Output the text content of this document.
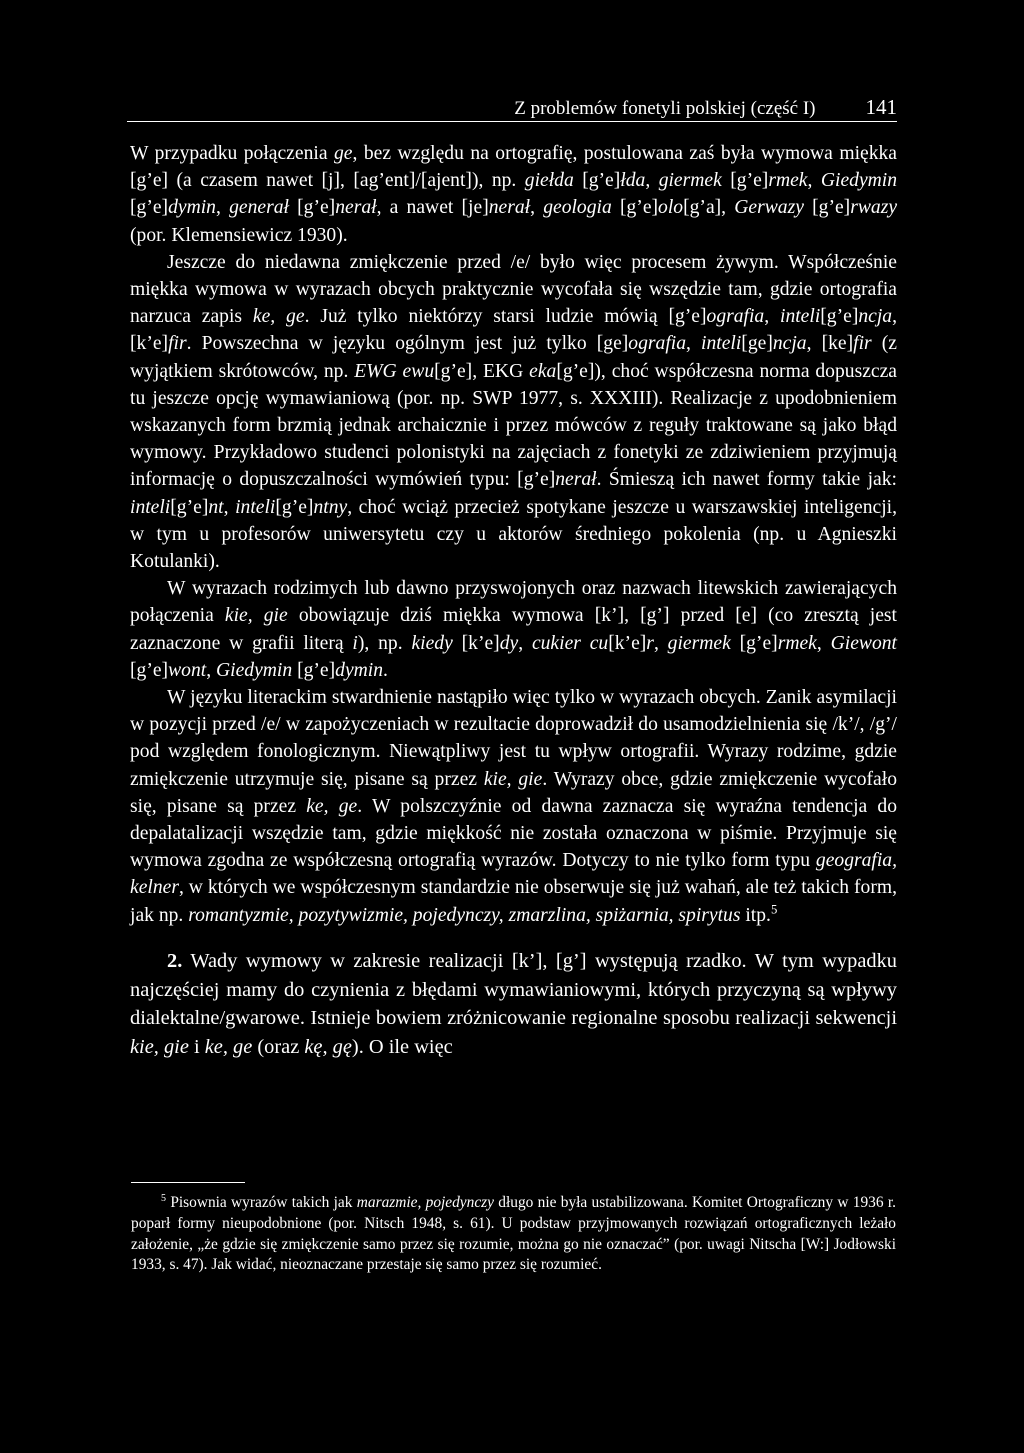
Z problemów fonetyli polskiej (część I)	141

W przypadku połączenia ge, bez względu na ortografię, postulowana zaś była wymowa miękka [g’e] (a czasem nawet [j], [ag’ent]/[ajent]), np. giełda [g’e]łda, giermek [g’e]rmek, Giedymin [g’e]dymin, generał [g’e]nerał, a nawet [je]nerał, geologia [g’e]olo[g’a], Gerwazy [g’e]rwazy (por. Klemensiewicz 1930).

Jeszcze do niedawna zmiękczenie przed /e/ było więc procesem żywym. Współcześnie miękka wymowa w wyrazach obcych praktycznie wycofała się wszędzie tam, gdzie ortografia narzuca zapis ke, ge. Już tylko niektórzy starsi ludzie mówią [g’e]ografia, inteli[g’e]ncja, [k’e]fir. Powszechna w języku ogólnym jest już tylko [ge]ografia, inteli[ge]ncja, [ke]fir (z wyjątkiem skrótowców, np. EWG ewu[g’e], EKG eka[g’e]), choć współczesna norma dopuszcza tu jeszcze opcję wymawianiową (por. np. SWP 1977, s. XXXIII). Realizacje z upodobnieniem wskazanych form brzmią jednak archaicznie i przez mówców z reguły traktowane są jako błąd wymowy. Przykładowo studenci polonistyki na zajęciach z fonetyki ze zdziwieniem przyjmują informację o dopuszczalności wymówień typu: [g’e]nerał. Śmieszą ich nawet formy takie jak: inteli[g’e]nt, inteli[g’e]ntny, choć wciąż przecież spotykane jeszcze u warszawskiej inteligencji, w tym u profesorów uniwersytetu czy u aktorów średniego pokolenia (np. u Agnieszki Kotulanki).

W wyrazach rodzimych lub dawno przyswojonych oraz nazwach litewskich zawierających połączenia kie, gie obowiązuje dziś miękka wymowa [k’], [g’] przed [e] (co zresztą jest zaznaczone w grafii literą i), np. kiedy [k’e]dy, cukier cu[k’e]r, giermek [g’e]rmek, Giewont [g’e]wont, Giedymin [g’e]dymin.

W języku literackim stwardnienie nastąpiło więc tylko w wyrazach obcych. Zanik asymilacji w pozycji przed /e/ w zapożyczeniach w rezultacie doprowadził do usamodzielnienia się /k’/, /g’/ pod względem fonologicznym. Niewątpliwy jest tu wpływ ortografii. Wyrazy rodzime, gdzie zmiękczenie utrzymuje się, pisane są przez kie, gie. Wyrazy obce, gdzie zmiękczenie wycofało się, pisane są przez ke, ge. W polszczyźnie od dawna zaznacza się wyraźna tendencja do depalatalizacji wszędzie tam, gdzie miękkość nie została oznaczona w piśmie. Przyjmuje się wymowa zgodna ze współczesną ortografią wyrazów. Dotyczy to nie tylko form typu geografia, kelner, w których we współczesnym standardzie nie obserwuje się już wahań, ale też takich form, jak np. romantyzmie, pozytywizmie, pojedynczy, zmarzlina, spiżarnia, spirytus itp.$^5$

2. Wady wymowy w zakresie realizacji [k’], [g’] występują rzadko. W tym wypadku najczęściej mamy do czynienia z błędami wymawianiowymi, których przyczyną są wpływy dialektalne/gwarowe. Istnieje bowiem zróżnicowanie regionalne sposobu realizacji sekwencji kie, gie i ke, ge (oraz kę, gę). O ile więc

$^5$ Pisownia wyrazów takich jak marazmie, pojedynczy długo nie była ustabilizowana. Komitet Ortograficzny w 1936 r. poparł formy nieupodobnione (por. Nitsch 1948, s. 61). U podstaw przyjmowanych rozwiązań ortograficznych leżało założenie, „że gdzie się zmiękczenie samo przez się rozumie, można go nie oznaczać” (por. uwagi Nitscha [W:] Jodłowski 1933, s. 47). Jak widać, nieoznaczane przestaje się samo przez się rozumieć.
